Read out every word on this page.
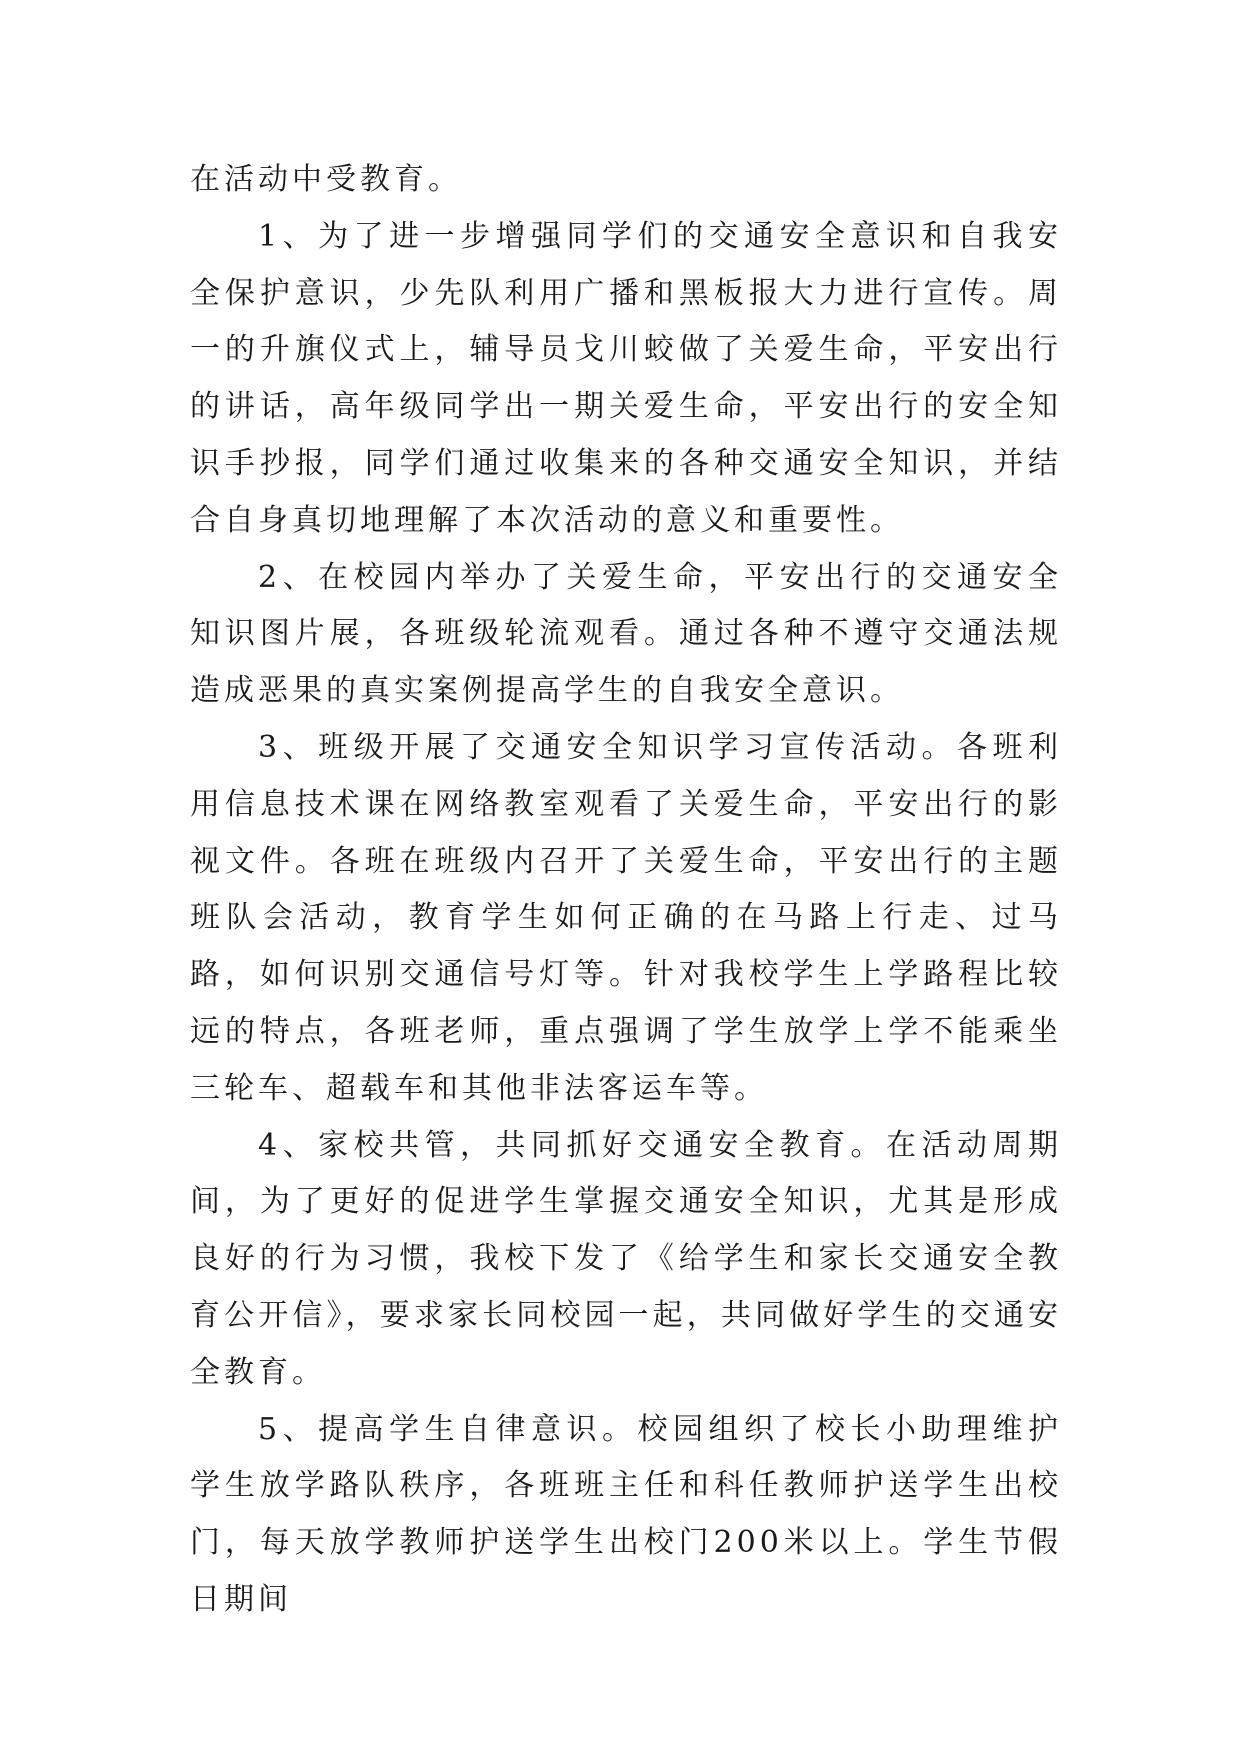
在活动中受教育。

1、为了进一步增强同学们的交通安全意识和自我安全保护意识，少先队利用广播和黑板报大力进行宣传。周一的升旗仪式上，辅导员戈川蛟做了关爱生命，平安出行的讲话，高年级同学出一期关爱生命，平安出行的安全知识手抄报，同学们通过收集来的各种交通安全知识，并结合自身真切地理解了本次活动的意义和重要性。

2、在校园内举办了关爱生命，平安出行的交通安全知识图片展，各班级轮流观看。通过各种不遵守交通法规造成恶果的真实案例提高学生的自我安全意识。

3、班级开展了交通安全知识学习宣传活动。各班利用信息技术课在网络教室观看了关爱生命，平安出行的影视文件。各班在班级内召开了关爱生命，平安出行的主题班队会活动，教育学生如何正确的在马路上行走、过马路，如何识别交通信号灯等。针对我校学生上学路程比较远的特点，各班老师，重点强调了学生放学上学不能乘坐三轮车、超载车和其他非法客运车等。

4、家校共管，共同抓好交通安全教育。在活动周期间，为了更好的促进学生掌握交通安全知识，尤其是形成良好的行为习惯，我校下发了《给学生和家长交通安全教育公开信》，要求家长同校园一起，共同做好学生的交通安全教育。

5、提高学生自律意识。校园组织了校长小助理维护学生放学路队秩序，各班班主任和科任教师护送学生出校门，每天放学教师护送学生出校门200米以上。学生节假日期间
